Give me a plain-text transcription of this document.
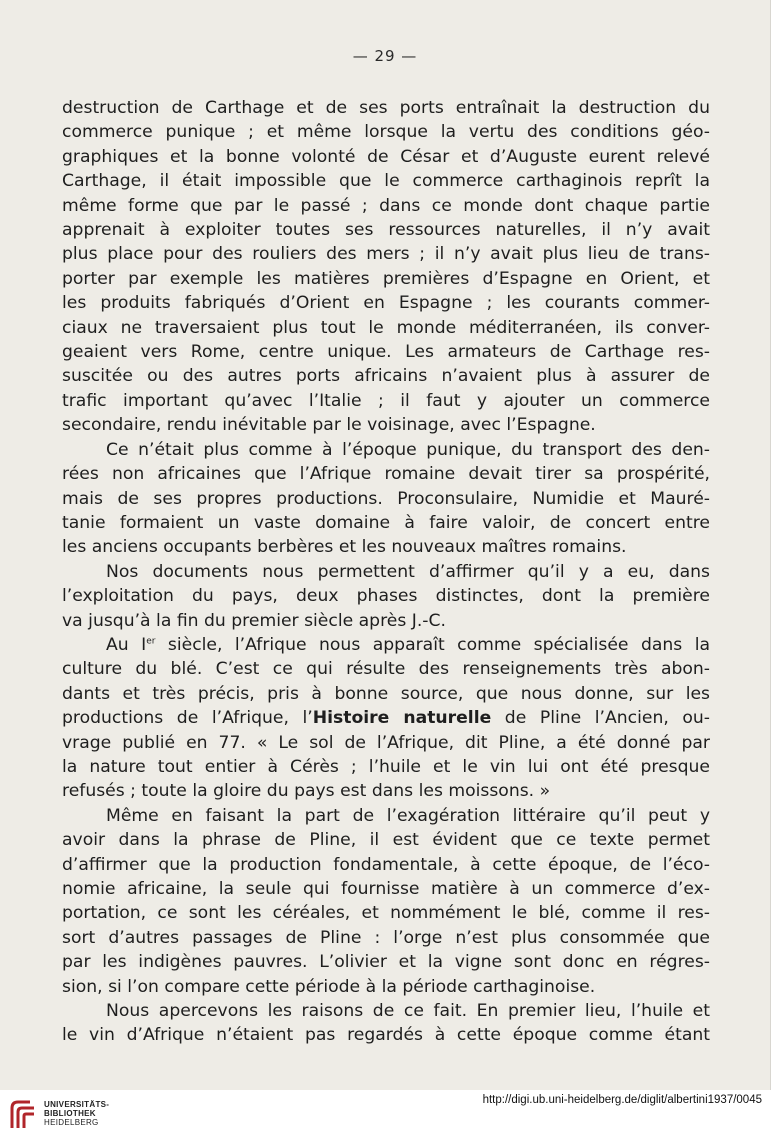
— 29 —

destruction de Carthage et de ses ports entraînait la destruction du

commerce punique ; et même lorsque la vertu des conditions géo-

graphiques et la bonne volonté de César et d’Auguste eurent relevé

Carthage, il était impossible que le commerce carthaginois reprît la

même forme que par le passé ; dans ce monde dont chaque partie

apprenait à exploiter toutes ses ressources naturelles, il n’y avait

plus place pour des rouliers des mers ; il n’y avait plus lieu de trans-

porter par exemple les matières premières d’Espagne en Orient, et

les produits fabriqués d’Orient en Espagne ; les courants commer-

ciaux ne traversaient plus tout le monde méditerranéen, ils conver-

geaient vers Rome, centre unique. Les armateurs de Carthage res-

suscitée ou des autres ports africains n’avaient plus à assurer de

trafic important qu’avec l’Italie ; il faut y ajouter un commerce

secondaire, rendu inévitable par le voisinage, avec l’Espagne.

Ce n’était plus comme à l’époque punique, du transport des den-

rées non africaines que l’Afrique romaine devait tirer sa prospérité,

mais de ses propres productions. Proconsulaire, Numidie et Mauré-

tanie formaient un vaste domaine à faire valoir, de concert entre

les anciens occupants berbères et les nouveaux maîtres romains.

Nos documents nous permettent d’affirmer qu’il y a eu, dans

l’exploitation du pays, deux phases distinctes, dont la première

va jusqu’à la fin du premier siècle après J.-C.

Au Ier siècle, l’Afrique nous apparaît comme spécialisée dans la

culture du blé. C’est ce qui résulte des renseignements très abon-

dants et très précis, pris à bonne source, que nous donne, sur les

productions de l’Afrique, l’Histoire naturelle de Pline l’Ancien, ou-

vrage publié en 77. « Le sol de l’Afrique, dit Pline, a été donné par

la nature tout entier à Cérès ; l’huile et le vin lui ont été presque

refusés ; toute la gloire du pays est dans les moissons. »

Même en faisant la part de l’exagération littéraire qu’il peut y

avoir dans la phrase de Pline, il est évident que ce texte permet

d’affirmer que la production fondamentale, à cette époque, de l’éco-

nomie africaine, la seule qui fournisse matière à un commerce d’ex-

portation, ce sont les céréales, et nommément le blé, comme il res-

sort d’autres passages de Pline : l’orge n’est plus consommée que

par les indigènes pauvres. L’olivier et la vigne sont donc en régres-

sion, si l’on compare cette période à la période carthaginoise.

Nous apercevons les raisons de ce fait. En premier lieu, l’huile et

le vin d’Afrique n’étaient pas regardés à cette époque comme étant

UNIVERSITÄTS-
BIBLIOTHEK
HEIDELBERG
http://digi.ub.uni-heidelberg.de/diglit/albertini1937/0045
